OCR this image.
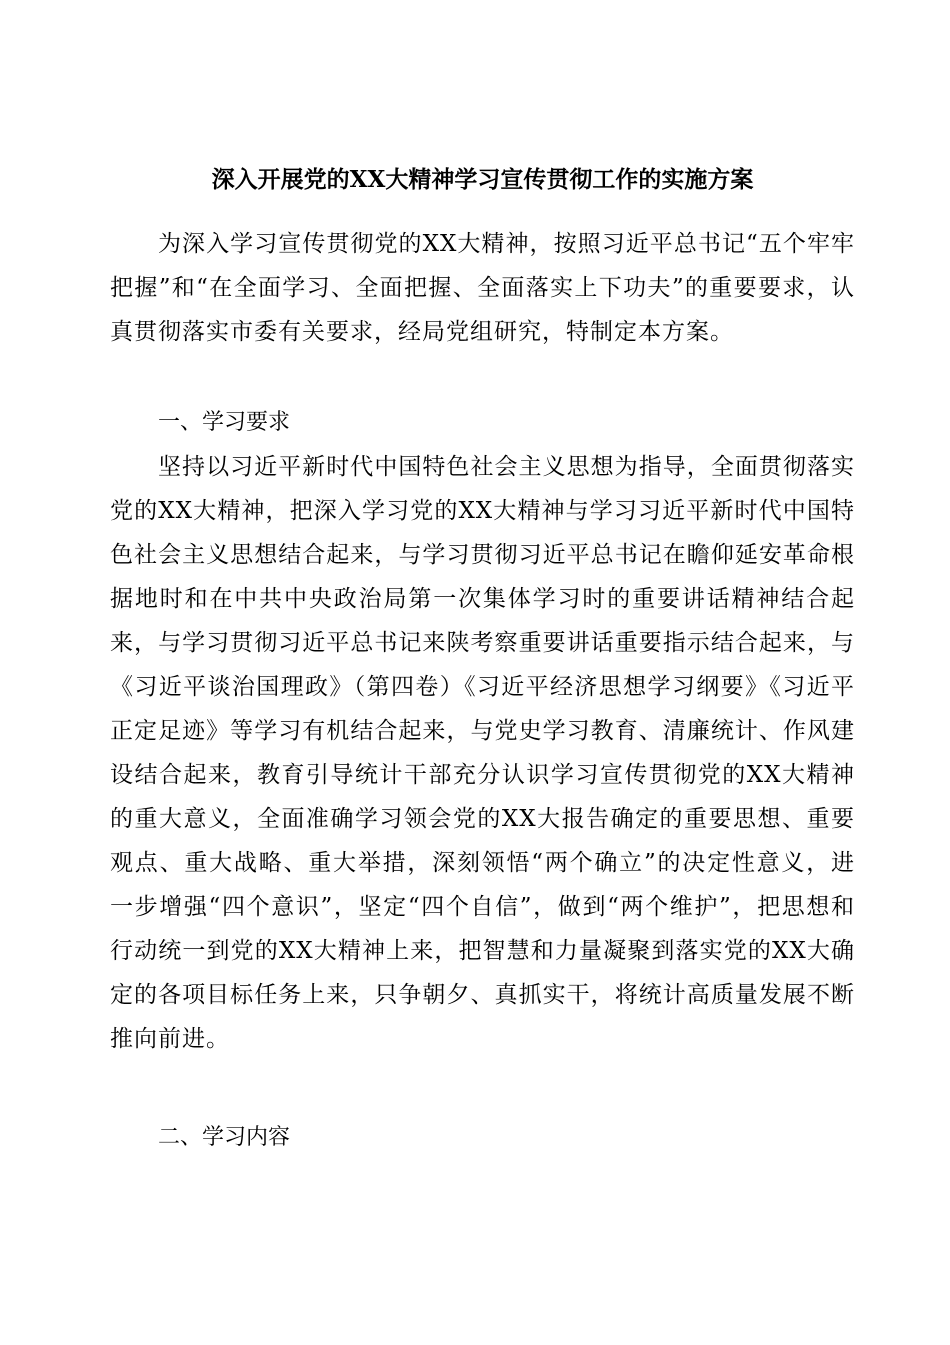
深入开展党的XX大精神学习宣传贯彻工作的实施方案

为深入学习宣传贯彻党的XX大精神，按照习近平总书记“五个牢牢把握”和“在全面学习、全面把握、全面落实上下功夫”的重要要求，认真贯彻落实市委有关要求，经局党组研究，特制定本方案。

一、学习要求

坚持以习近平新时代中国特色社会主义思想为指导，全面贯彻落实党的XX大精神，把深入学习党的XX大精神与学习习近平新时代中国特色社会主义思想结合起来，与学习贯彻习近平总书记在瞻仰延安革命根据地时和在中共中央政治局第一次集体学习时的重要讲话精神结合起来，与学习贯彻习近平总书记来陕考察重要讲话重要指示结合起来，与《习近平谈治国理政》（第四卷）《习近平经济思想学习纲要》《习近平正定足迹》等学习有机结合起来，与党史学习教育、清廉统计、作风建设结合起来，教育引导统计干部充分认识学习宣传贯彻党的XX大精神的重大意义，全面准确学习领会党的XX大报告确定的重要思想、重要观点、重大战略、重大举措，深刻领悟“两个确立”的决定性意义，进一步增强“四个意识”，坚定“四个自信”，做到“两个维护”，把思想和行动统一到党的XX大精神上来，把智慧和力量凝聚到落实党的XX大确定的各项目标任务上来，只争朝夕、真抓实干，将统计高质量发展不断推向前进。

二、学习内容
